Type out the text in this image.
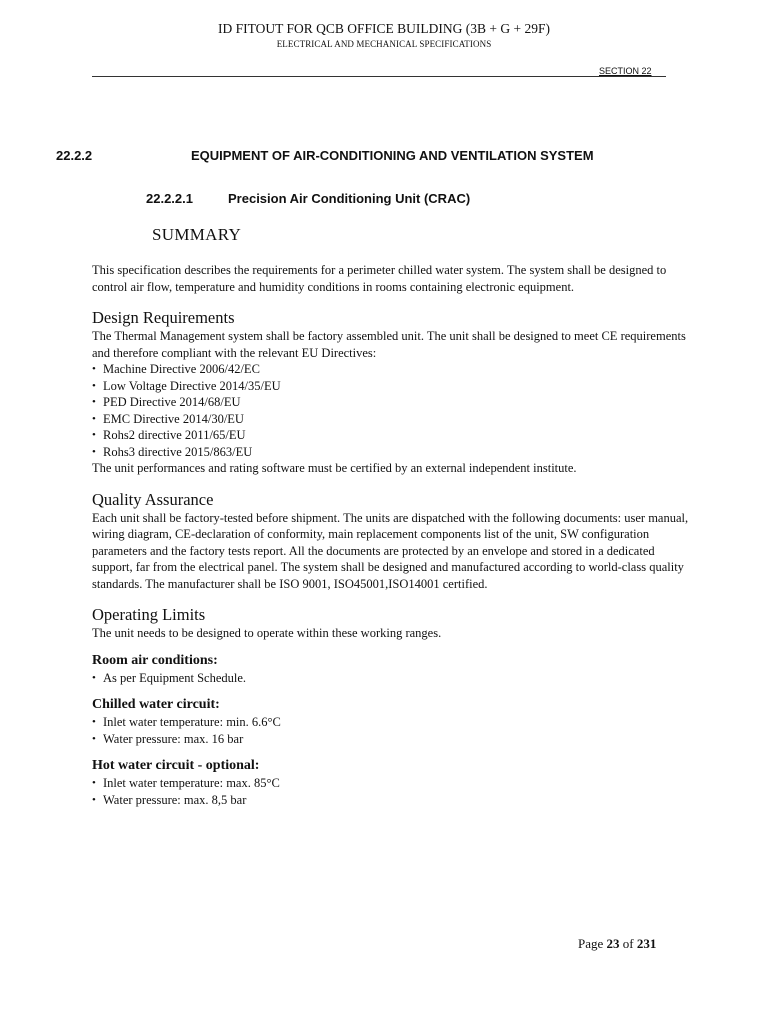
ID FITOUT FOR QCB OFFICE BUILDING (3B + G + 29F)
ELECTRICAL AND MECHANICAL SPECIFICATIONS
SECTION 22
22.2.2	EQUIPMENT OF AIR-CONDITIONING AND VENTILATION SYSTEM
22.2.2.1	Precision Air Conditioning Unit (CRAC)
SUMMARY

This specification describes the requirements for a perimeter chilled water system. The system shall be designed to control air flow, temperature and humidity conditions in rooms containing electronic equipment.

Design Requirements

The Thermal Management system shall be factory assembled unit. The unit shall be designed to meet CE requirements and therefore compliant with the relevant EU Directives:

• Machine Directive 2006/42/EC
• Low Voltage Directive 2014/35/EU
• PED Directive 2014/68/EU
• EMC Directive 2014/30/EU
• Rohs2 directive 2011/65/EU
• Rohs3 directive 2015/863/EU

The unit performances and rating software must be certified by an external independent institute.

Quality Assurance

Each unit shall be factory-tested before shipment. The units are dispatched with the following documents: user manual, wiring diagram, CE-declaration of conformity, main replacement components list of the unit, SW configuration parameters and the factory tests report. All the documents are protected by an envelope and stored in a dedicated support, far from the electrical panel. The system shall be designed and manufactured according to world-class quality standards. The manufacturer shall be ISO 9001, ISO45001,ISO14001 certified.

Operating Limits

The unit needs to be designed to operate within these working ranges.

Room air conditions:

• As per Equipment Schedule.

Chilled water circuit:

• Inlet water temperature: min. 6.6°C
• Water pressure: max. 16 bar

Hot water circuit - optional:

• Inlet water temperature: max. 85°C
• Water pressure: max. 8,5 bar
Page 23 of 231
